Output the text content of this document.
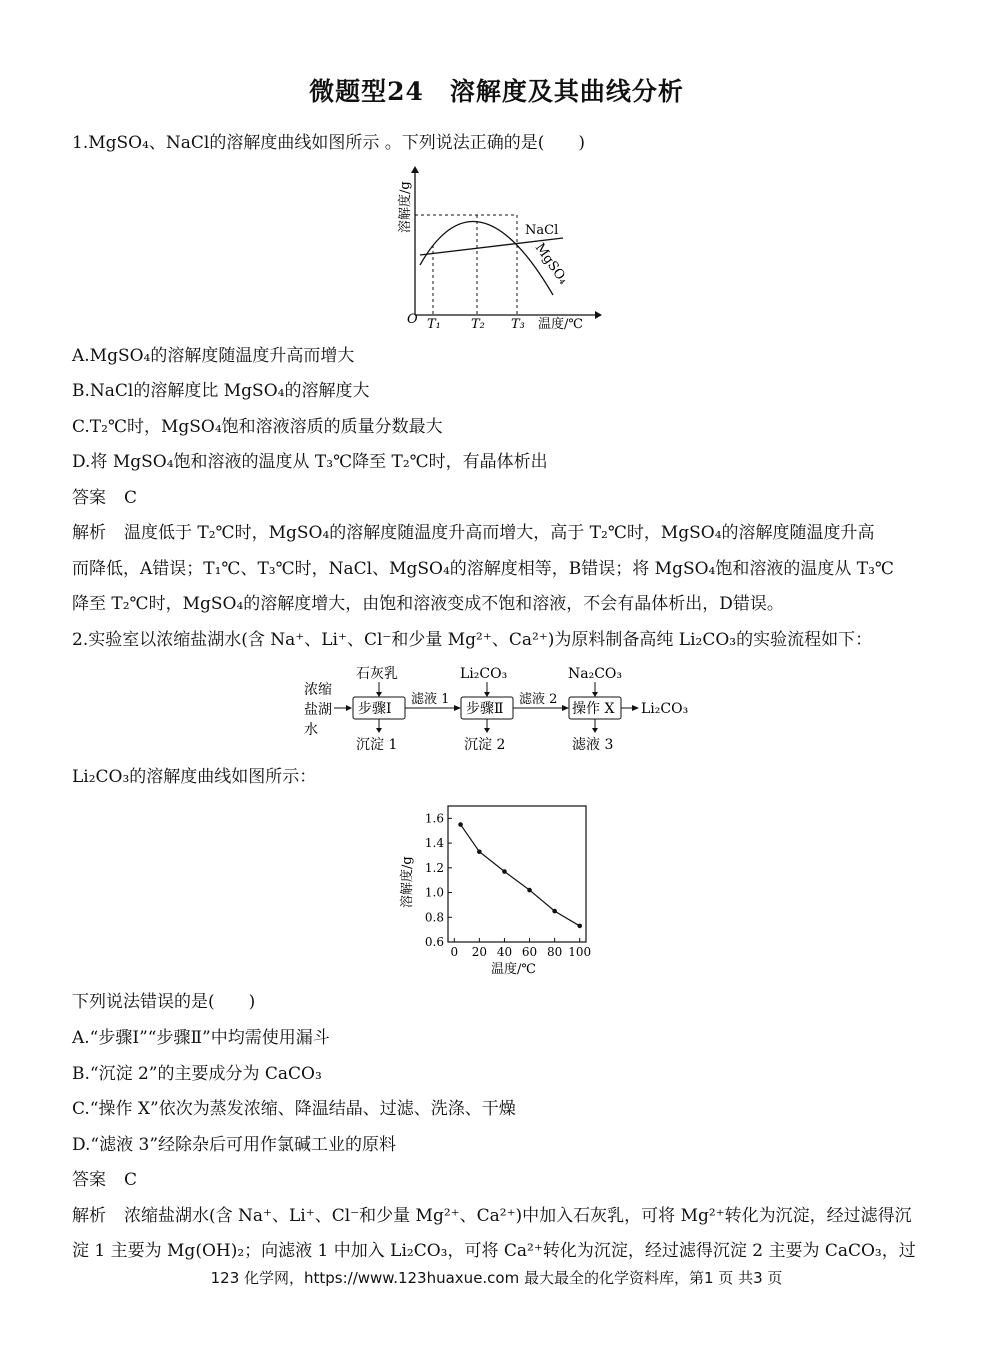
微题型24　溶解度及其曲线分析
1.MgSO₄、NaCl的溶解度曲线如图所示 。下列说法正确的是(　　)
溶解度/g
O T₁ T₂ T₃ 温度/℃
NaCl
MgSO₄
A.MgSO₄的溶解度随温度升高而增大
B.NaCl的溶解度比 MgSO₄的溶解度大
C.T₂℃时，MgSO₄饱和溶液溶质的质量分数最大
D.将 MgSO₄饱和溶液的温度从 T₃℃降至 T₂℃时，有晶体析出
答案 C
解析 温度低于 T₂℃时，MgSO₄的溶解度随温度升高而增大，高于 T₂℃时，MgSO₄的溶解度随温度升高
而降低，A错误；T₁℃、T₃℃时，NaCl、MgSO₄的溶解度相等，B错误；将 MgSO₄饱和溶液的温度从 T₃℃
降至 T₂℃时，MgSO₄的溶解度增大，由饱和溶液变成不饱和溶液，不会有晶体析出，D错误。
2.实验室以浓缩盐湖水(含 Na⁺、Li⁺、Cl⁻和少量 Mg²⁺、Ca²⁺)为原料制备高纯 Li₂CO₃的实验流程如下：
浓缩
盐湖
水
步骤Ⅰ	步骤Ⅱ	操作 X
石灰乳	Li₂CO₃	Na₂CO₃
滤液 1	滤液 2
Li₂CO₃
沉淀 1	沉淀 2	滤液 3
Li₂CO₃的溶解度曲线如图所示：
0.6
0.8
1.0
1.2
1.4
1.6
0 20 40 60 80 100
溶解度/g
温度/℃
下列说法错误的是(　　)
A.“步骤Ⅰ”“步骤Ⅱ”中均需使用漏斗
B.“沉淀 2”的主要成分为 CaCO₃
C.“操作 X”依次为蒸发浓缩、降温结晶、过滤、洗涤、干燥
D.“滤液 3”经除杂后可用作氯碱工业的原料
答案 C
解析 浓缩盐湖水(含 Na⁺、Li⁺、Cl⁻和少量 Mg²⁺、Ca²⁺)中加入石灰乳，可将 Mg²⁺转化为沉淀，经过滤得沉
淀 1 主要为 Mg(OH)₂；向滤液 1 中加入 Li₂CO₃，可将 Ca²⁺转化为沉淀，经过滤得沉淀 2 主要为 CaCO₃，过
123 化学网，https://www.123huaxue.com 最大最全的化学资料库，第1 页 共3 页
